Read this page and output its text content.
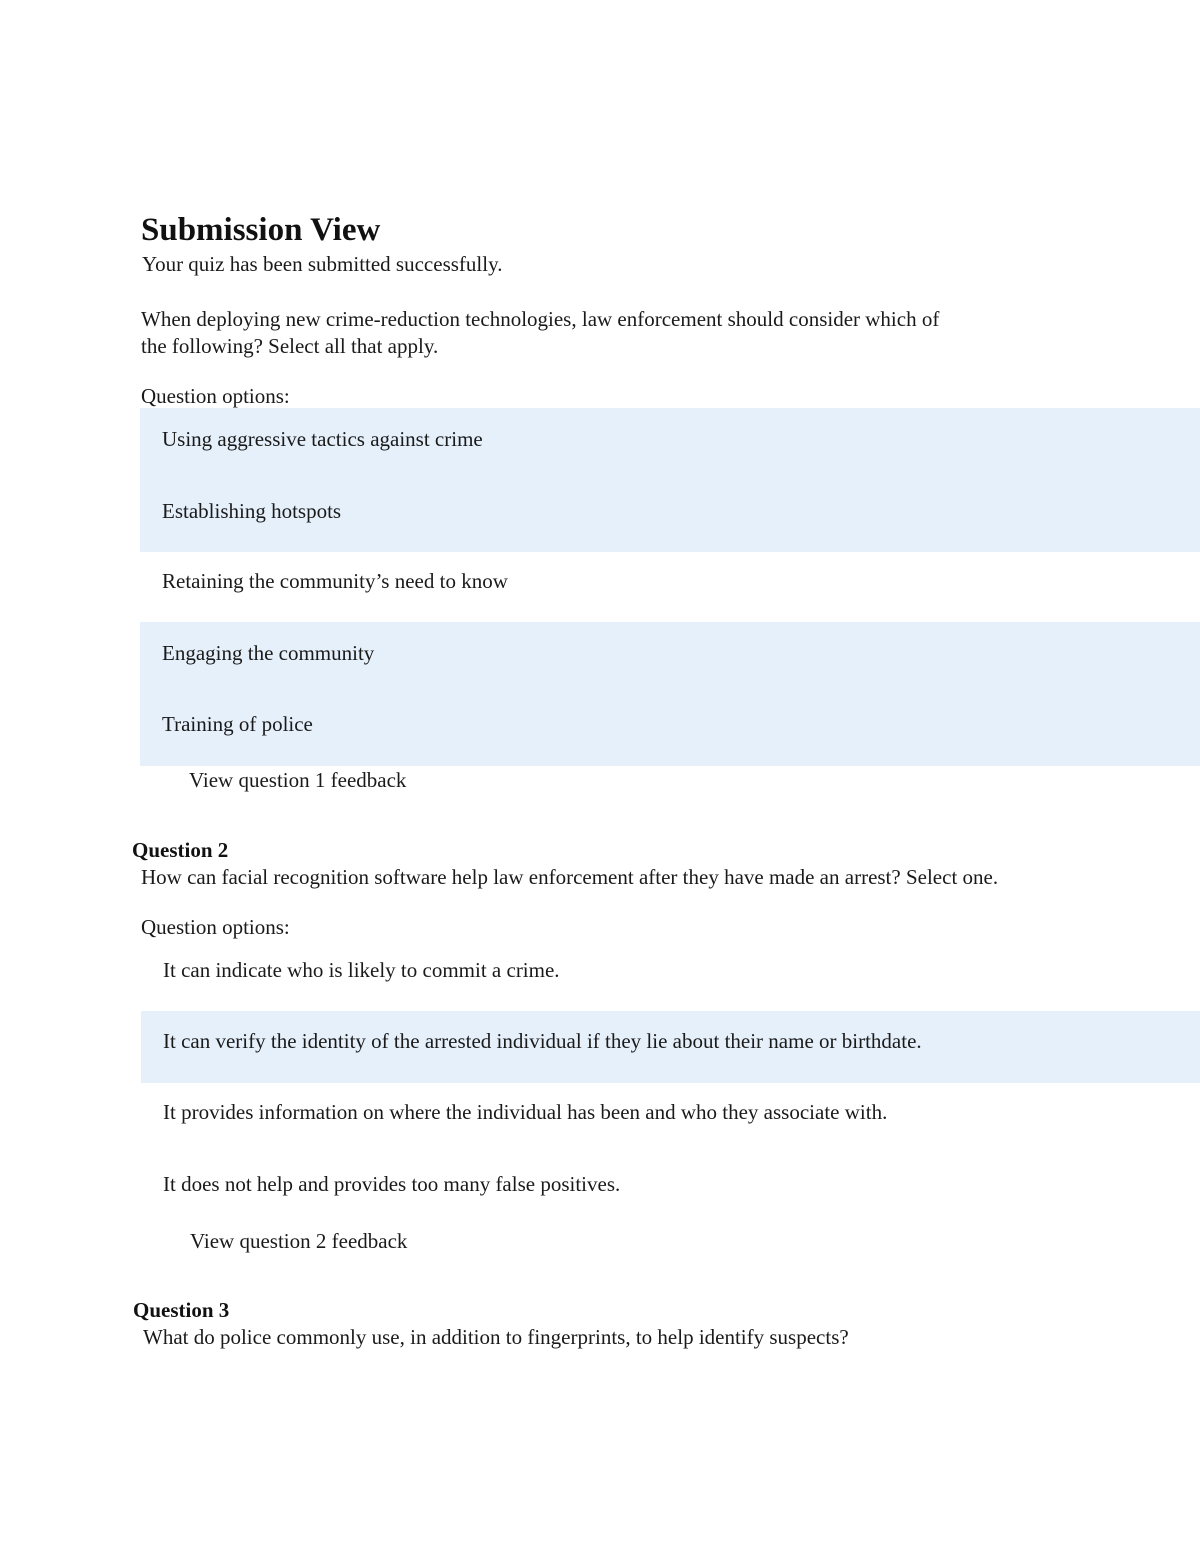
Submission View
Your quiz has been submitted successfully.
When deploying new crime-reduction technologies, law enforcement should consider which of
the following? Select all that apply.
Question options:
Using aggressive tactics against crime
Establishing hotspots
Retaining the community’s need to know
Engaging the community
Training of police
View question 1 feedback
Question 2
How can facial recognition software help law enforcement after they have made an arrest? Select one.
Question options:
It can indicate who is likely to commit a crime.
It can verify the identity of the arrested individual if they lie about their name or birthdate.
It provides information on where the individual has been and who they associate with.
It does not help and provides too many false positives.
View question 2 feedback
Question 3
What do police commonly use, in addition to fingerprints, to help identify suspects?
